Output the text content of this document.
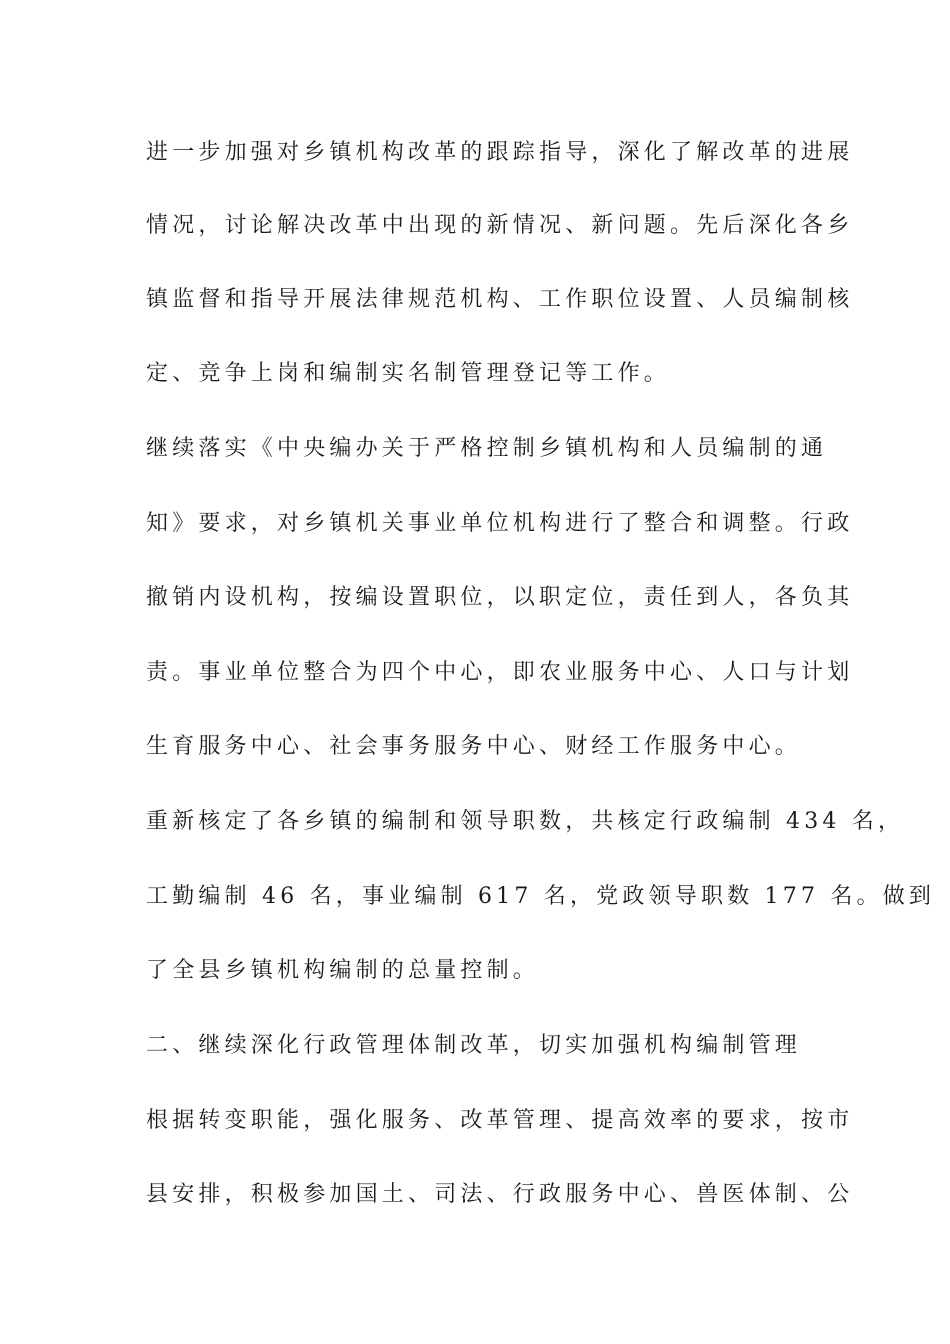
进一步加强对乡镇机构改革的跟踪指导，深化了解改革的进展
情况，讨论解决改革中出现的新情况、新问题。先后深化各乡
镇监督和指导开展法律规范机构、工作职位设置、人员编制核
定、竞争上岗和编制实名制管理登记等工作。
继续落实《中央编办关于严格控制乡镇机构和人员编制的通
知》要求，对乡镇机关事业单位机构进行了整合和调整。行政
撤销内设机构，按编设置职位，以职定位，责任到人，各负其
责。事业单位整合为四个中心，即农业服务中心、人口与计划
生育服务中心、社会事务服务中心、财经工作服务中心。
重新核定了各乡镇的编制和领导职数，共核定行政编制 434 名，
工勤编制 46 名，事业编制 617 名，党政领导职数 177 名。做到
了全县乡镇机构编制的总量控制。
二、继续深化行政管理体制改革，切实加强机构编制管理
根据转变职能，强化服务、改革管理、提高效率的要求，按市
县安排，积极参加国土、司法、行政服务中心、兽医体制、公
